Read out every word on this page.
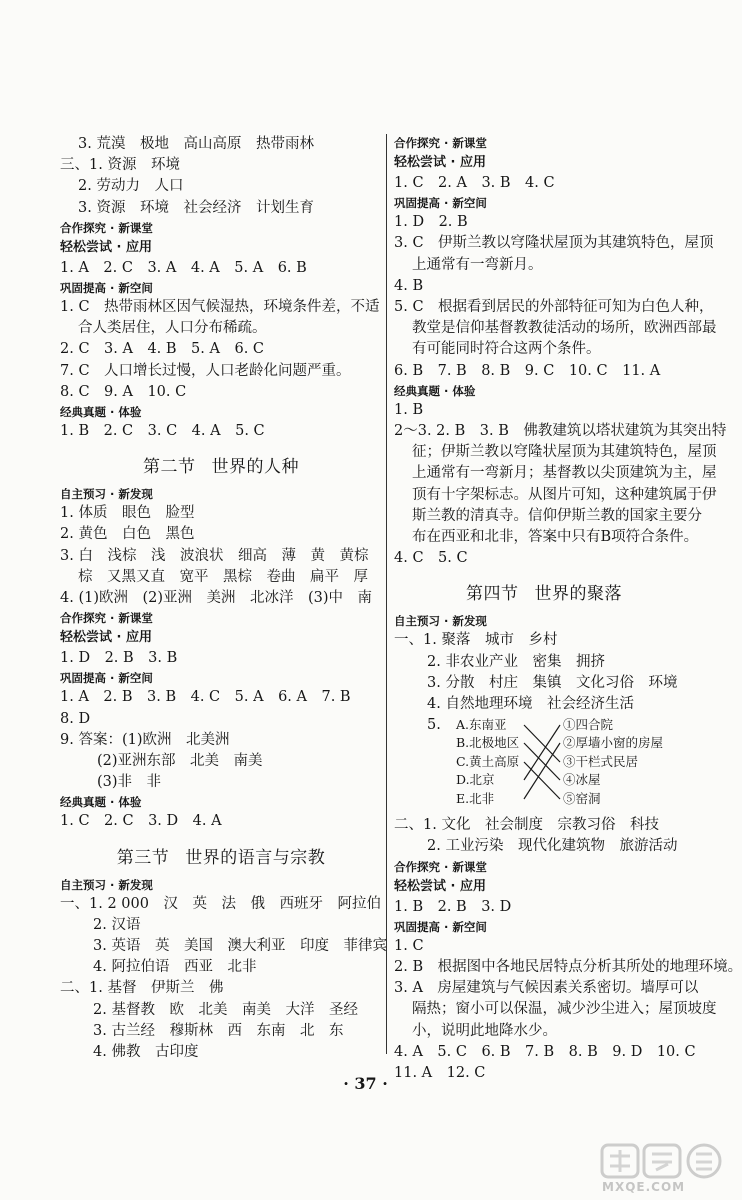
3. 荒漠　极地　高山高原　热带雨林
三、1. 资源　环境
2. 劳动力　人口
3. 资源　环境　社会经济　计划生育
合作探究 · 新课堂
轻松尝试 · 应用
1. A　2. C　3. A　4. A　5. A　6. B
巩固提高 · 新空间
1. C　热带雨林区因气候湿热，环境条件差，不适
合人类居住，人口分布稀疏。
2. C　3. A　4. B　5. A　6. C
7. C　人口增长过慢，人口老龄化问题严重。
8. C　9. A　10. C
经典真题 · 体验
1. B　2. C　3. C　4. A　5. C
第二节 世界的人种
自主预习 · 新发现
1. 体质　眼色　脸型
2. 黄色　白色　黑色
3. 白　浅棕　浅　波浪状　细高　薄　黄　黄棕
棕　又黑又直　宽平　黑棕　卷曲　扁平　厚
4. (1)欧洲　(2)亚洲　美洲　北冰洋　(3)中　南
合作探究 · 新课堂
轻松尝试 · 应用
1. D　2. B　3. B
巩固提高 · 新空间
1. A　2. B　3. B　4. C　5. A　6. A　7. B
8. D
9. 答案：(1)欧洲　北美洲
(2)亚洲东部　北美　南美
(3)非　非
经典真题 · 体验
1. C　2. C　3. D　4. A
第三节 世界的语言与宗教
自主预习 · 新发现
一、1. 2 000　汉　英　法　俄　西班牙　阿拉伯
2. 汉语
3. 英语　英　美国　澳大利亚　印度　菲律宾
4. 阿拉伯语　西亚　北非
二、1. 基督　伊斯兰　佛
2. 基督教　欧　北美　南美　大洋　圣经
3. 古兰经　穆斯林　西　东南　北　东
4. 佛教　古印度
合作探究 · 新课堂
轻松尝试 · 应用
1. C　2. A　3. B　4. C
巩固提高 · 新空间
1. D　2. B
3. C　伊斯兰教以穹隆状屋顶为其建筑特色，屋顶
上通常有一弯新月。
4. B
5. C　根据看到居民的外部特征可知为白色人种，
教堂是信仰基督教教徒活动的场所，欧洲西部最
有可能同时符合这两个条件。
6. B　7. B　8. B　9. C　10. C　11. A
经典真题 · 体验
1. B
2～3. 2. B　3. B　佛教建筑以塔状建筑为其突出特
征；伊斯兰教以穹隆状屋顶为其建筑特色，屋顶
上通常有一弯新月；基督教以尖顶建筑为主，屋
顶有十字架标志。从图片可知，这种建筑属于伊
斯兰教的清真寺。信仰伊斯兰教的国家主要分
布在西亚和北非，答案中只有B项符合条件。
4. C　5. C
第四节 世界的聚落
自主预习 · 新发现
一、1. 聚落　城市　乡村
2. 非农业产业　密集　拥挤
3. 分散　村庄　集镇　文化习俗　环境
4. 自然地理环境　社会经济生活
5. A.东南亚
B.北极地区
C.黄土高原
D.北京
E.北非
①四合院
②厚墙小窗的房屋
③干栏式民居
④冰屋
⑤窑洞
二、1. 文化　社会制度　宗教习俗　科技
2. 工业污染　现代化建筑物　旅游活动
合作探究 · 新课堂
轻松尝试 · 应用
1. B　2. B　3. D
巩固提高 · 新空间
1. C
2. B　根据图中各地民居特点分析其所处的地理环境。
3. A　房屋建筑与气候因素关系密切。墙厚可以
隔热；窗小可以保温，减少沙尘进入；屋顶坡度
小，说明此地降水少。
4. A　5. C　6. B　7. B　8. B　9. D　10. C
11. A　12. C
· 37 ·
MXQE.COM
